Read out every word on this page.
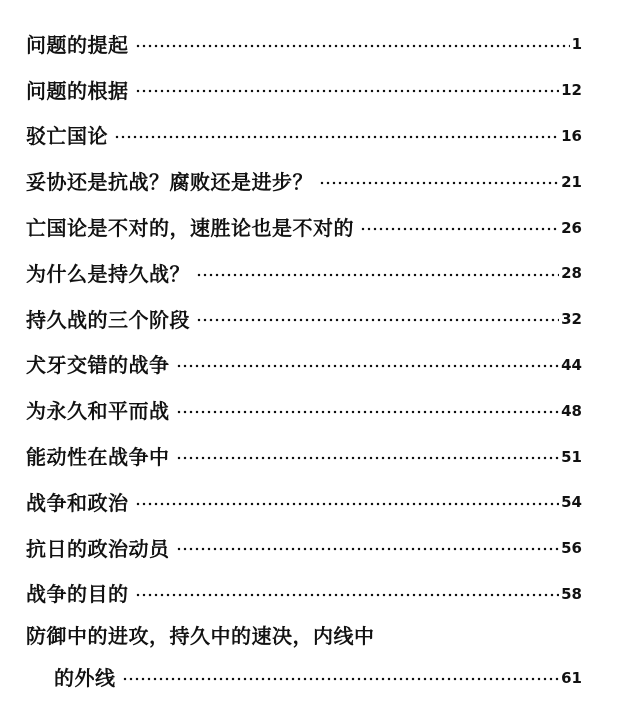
问题的提起	1
问题的根据	12
驳亡国论	16
妥协还是抗战？腐败还是进步？	21
亡国论是不对的，速胜论也是不对的	26
为什么是持久战？	28
持久战的三个阶段	32
犬牙交错的战争	44
为永久和平而战	48
能动性在战争中	51
战争和政治	54
抗日的政治动员	56
战争的目的	58
防御中的进攻，持久中的速决，内线中
的外线	61
